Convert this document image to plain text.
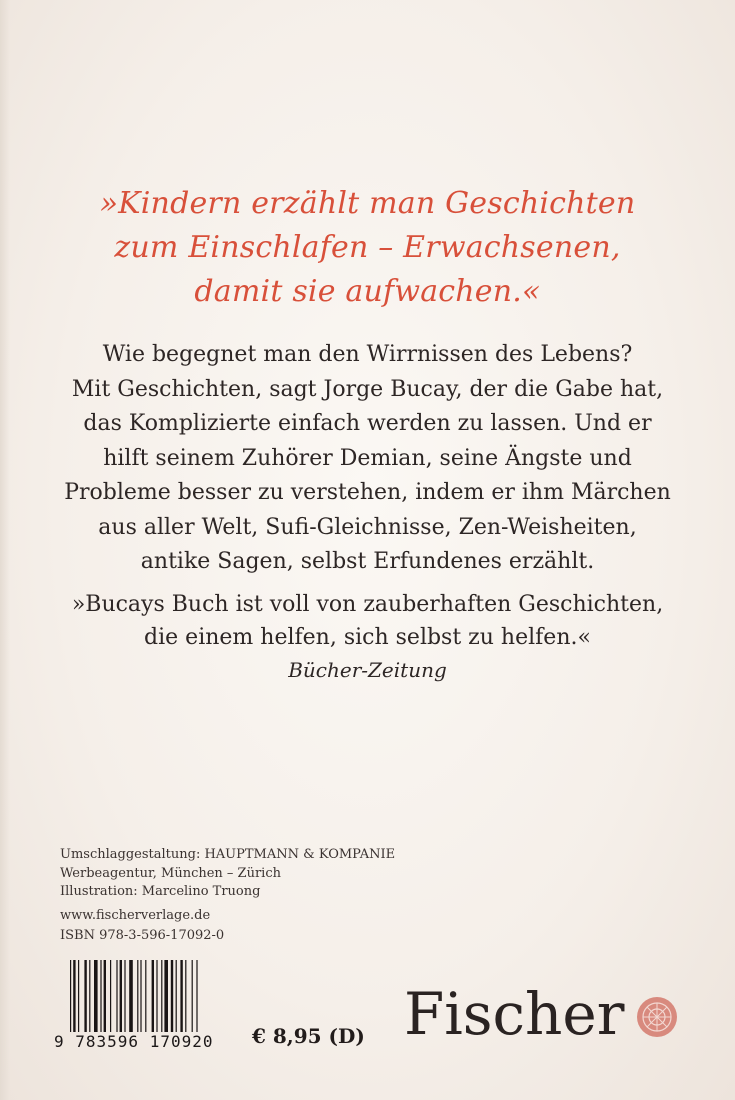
»Kindern erzählt man Geschichten
zum Einschlafen – Erwachsenen,
damit sie aufwachen.«
Wie begegnet man den Wirrnissen des Lebens?
Mit Geschichten, sagt Jorge Bucay, der die Gabe hat,
das Komplizierte einfach werden zu lassen. Und er
hilft seinem Zuhörer Demian, seine Ängste und
Probleme besser zu verstehen, indem er ihm Märchen
aus aller Welt, Sufi-Gleichnisse, Zen-Weisheiten,
antike Sagen, selbst Erfundenes erzählt.
»Bucays Buch ist voll von zauberhaften Geschichten,
die einem helfen, sich selbst zu helfen.«
Bücher-Zeitung
Umschlaggestaltung: HAUPTMANN & KOMPANIE
Werbeagentur, München – Zürich
Illustration: Marcelino Truong
www.fischerverlage.de
ISBN 978-3-596-17092-0
9 783596 170920	€ 8,95 (D) Fischer
